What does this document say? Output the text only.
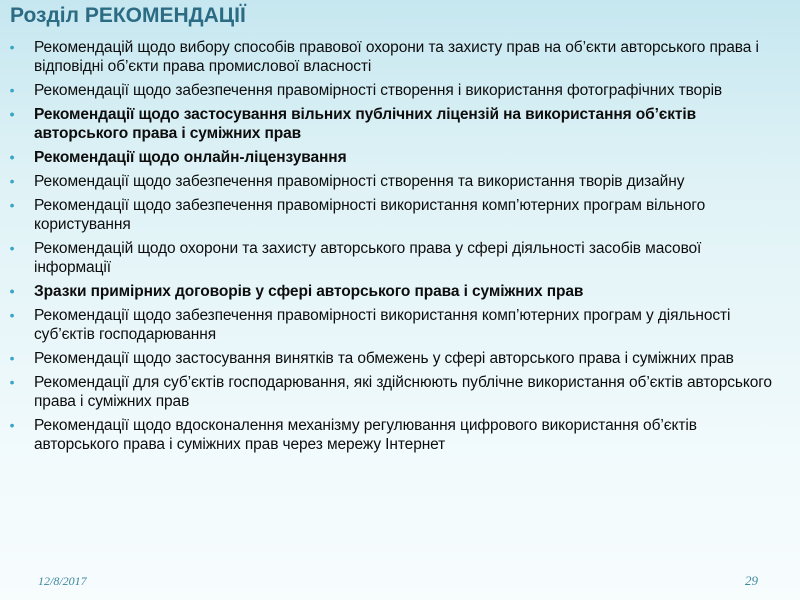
Розділ РЕКОМЕНДАЦІЇ
• Рекомендацій щодо вибору способів правової охорони та захисту прав на об’єкти авторського права і відповідні об’єкти права промислової власності
• Рекомендації щодо забезпечення правомірності створення і використання фотографічних творів
• Рекомендації щодо застосування вільних публічних ліцензій на використання об’єктів авторського права і суміжних прав
• Рекомендації щодо онлайн-ліцензування
• Рекомендації щодо забезпечення правомірності створення та використання творів дизайну
• Рекомендації щодо забезпечення правомірності використання комп’ютерних програм вільного користування
• Рекомендацій щодо охорони та захисту авторського права у сфері діяльності засобів масової інформації
• Зразки примірних договорів у сфері авторського права і суміжних прав
• Рекомендації щодо забезпечення правомірності використання комп’ютерних програм у діяльності суб’єктів господарювання
• Рекомендації щодо застосування винятків та обмежень у сфері авторського права і суміжних прав
• Рекомендації для суб’єктів господарювання, які здійснюють публічне використання об’єктів авторського права і суміжних прав
• Рекомендації щодо вдосконалення механізму регулювання цифрового використання об’єктів авторського права і суміжних прав через мережу Інтернет
12/8/2017	29
